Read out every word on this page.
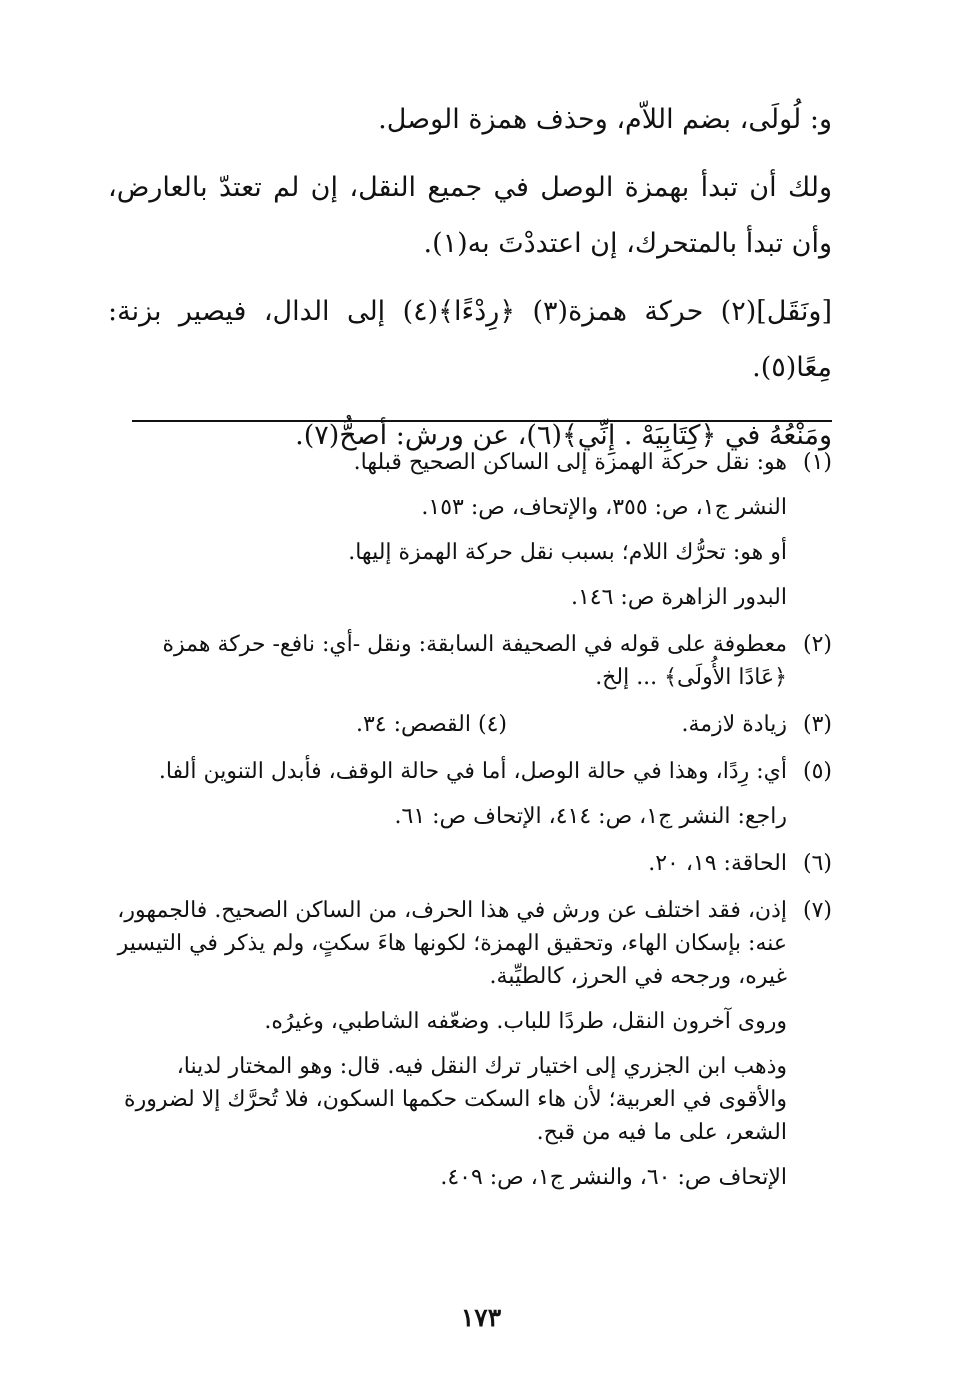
و: لُولَى، بضم اللاّم، وحذف همزة الوصل.

ولك أن تبدأ بهمزة الوصل في جميع النقل، إن لم تعتدّ بالعارض، وأن تبدأ بالمتحرك، إن اعتددْتَ به(١).

[ونَقَل](٢) حركة همزة(٣) ﴿رِدْءًا﴾(٤) إلى الدال، فيصير بزنة: مِعًا(٥).

ومَنْعُهُ في ﴿كِتَابِيَهْ . إِنِّي﴾(٦)، عن ورش: أصحُّ(٧).

(١)
هو: نقل حركة الهمزة إلى الساكن الصحيح قبلها.
النشر ج١، ص: ٣٥٥، والإتحاف، ص: ١٥٣.
أو هو: تحرُّك اللام؛ بسبب نقل حركة الهمزة إليها.
البدور الزاهرة ص: ١٤٦.
(٢)
معطوفة على قوله في الصحيفة السابقة: ونقل -أي: نافع- حركة همزة ﴿عَادًا الأُولَى﴾ ... إلخ.
(٣)
زيادة لازمة.
(٤) القصص: ٣٤.
(٥)
أي: رِدًا، وهذا في حالة الوصل، أما في حالة الوقف، فأبدل التنوين ألفا.
راجع: النشر ج١، ص: ٤١٤، الإتحاف ص: ٦١.
(٦)
الحاقة: ١٩، ٢٠.
(٧)
إذن، فقد اختلف عن ورش في هذا الحرف، من الساكن الصحيح. فالجمهور، عنه: بإسكان الهاء، وتحقيق الهمزة؛ لكونها هاءَ سكتٍ، ولم يذكر في التيسير غيره، ورجحه في الحرز، كالطيِّبة.
وروى آخرون النقل، طردًا للباب. وضعّفه الشاطبي، وغيرُه.
وذهب ابن الجزري إلى اختيار ترك النقل فيه. قال: وهو المختار لدينا، والأقوى في العربية؛ لأن هاء السكت حكمها السكون، فلا تُحرَّك إلا لضرورة الشعر، على ما فيه من قبح.
الإتحاف ص: ٦٠، والنشر ج١، ص: ٤٠٩.
١٧٣
